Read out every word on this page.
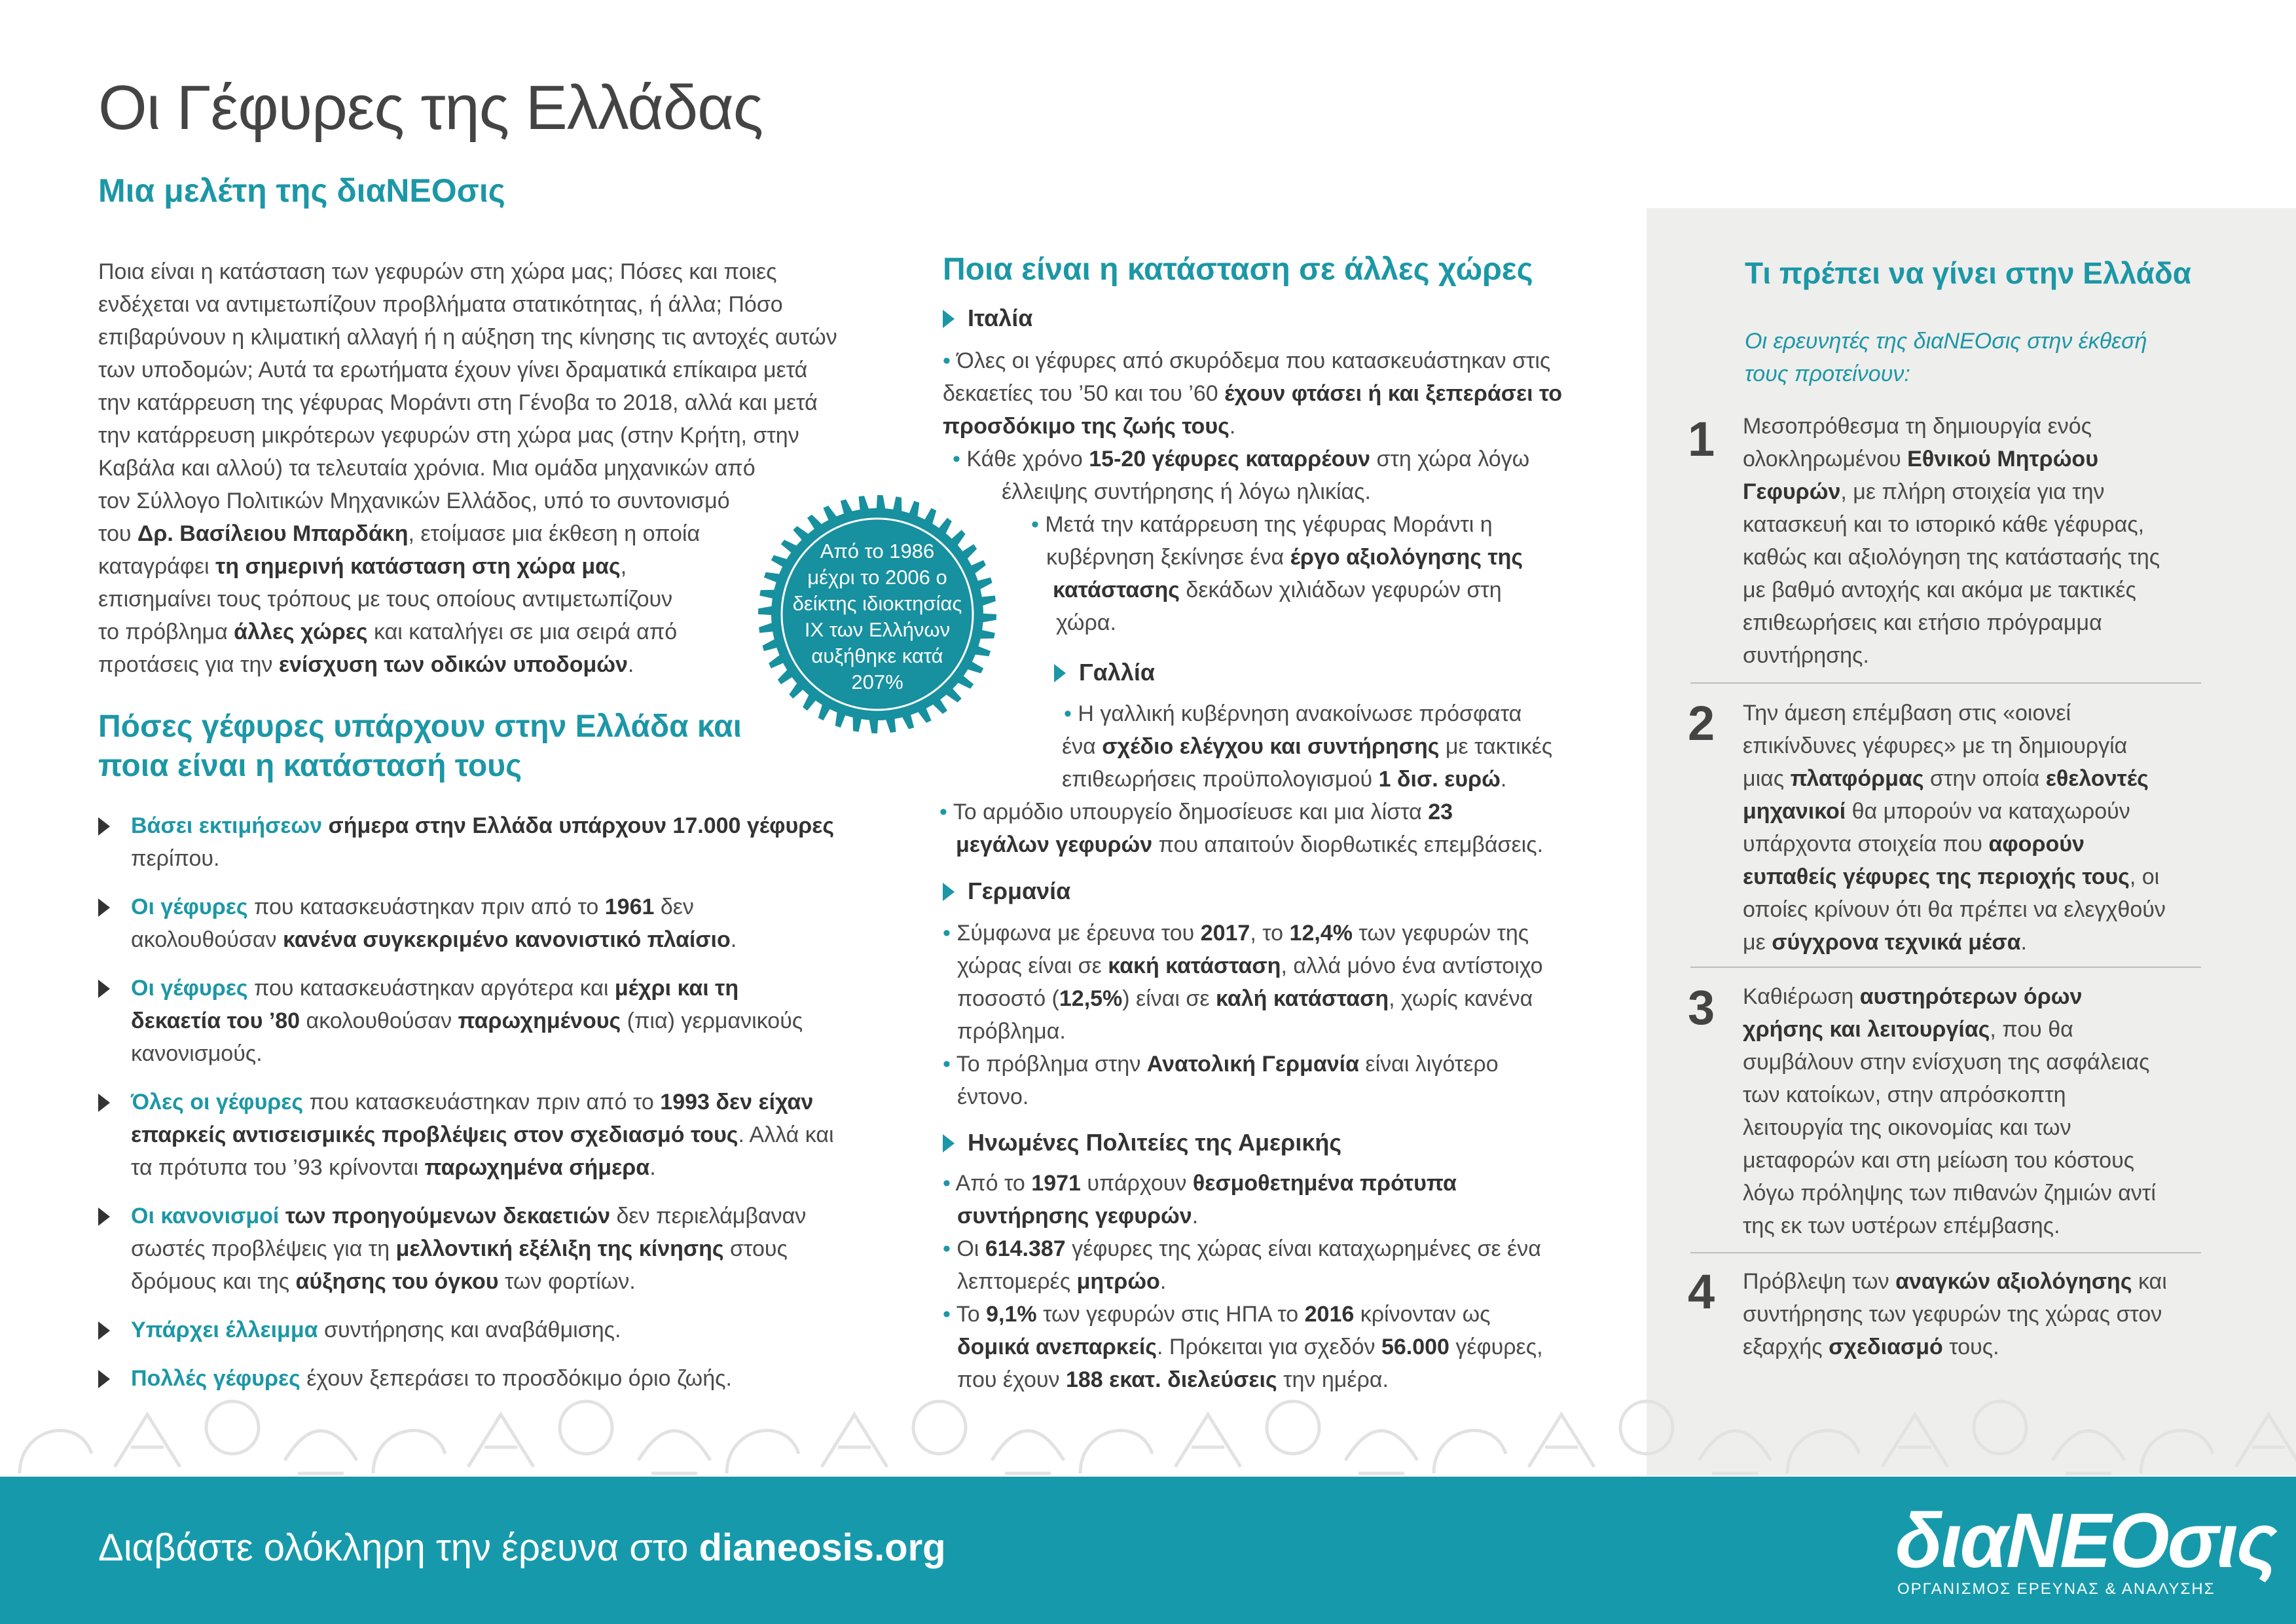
Οι Γέφυρες της Ελλάδας
Μια μελέτη της διαΝΕΟσις

Ποια είναι η κατάσταση των γεφυρών στη χώρα μας; Πόσες και ποιες

ενδέχεται να αντιμετωπίζουν προβλήματα στατικότητας, ή άλλα; Πόσο

επιβαρύνουν η κλιματική αλλαγή ή η αύξηση της κίνησης τις αντοχές αυτών

των υποδομών; Αυτά τα ερωτήματα έχουν γίνει δραματικά επίκαιρα μετά

την κατάρρευση της γέφυρας Μοράντι στη Γένοβα το 2018, αλλά και μετά

την κατάρρευση μικρότερων γεφυρών στη χώρα μας (στην Κρήτη, στην

Καβάλα και αλλού) τα τελευταία χρόνια. Μια ομάδα μηχανικών από

τον Σύλλογο Πολιτικών Μηχανικών Ελλάδος, υπό το συντονισμό

του Δρ. Βασίλειου Μπαρδάκη, ετοίμασε μια έκθεση η οποία

καταγράφει τη σημερινή κατάσταση στη χώρα μας,

επισημαίνει τους τρόπους με τους οποίους αντιμετωπίζουν

το πρόβλημα άλλες χώρες και καταλήγει σε μια σειρά από

προτάσεις για την ενίσχυση των οδικών υποδομών.

Πόσες γέφυρες υπάρχουν στην Ελλάδα και
ποια είναι η κατάστασή τους
Βάσει εκτιμήσεων σήμερα στην Ελλάδα υπάρχουν 17.000 γέφυρες
περίπου.
Οι γέφυρες που κατασκευάστηκαν πριν από το 1961 δεν
ακολουθούσαν κανένα συγκεκριμένο κανονιστικό πλαίσιο.
Οι γέφυρες που κατασκευάστηκαν αργότερα και μέχρι και τη
δεκαετία του ’80 ακολουθούσαν παρωχημένους (πια) γερμανικούς
κανονισμούς.
Όλες οι γέφυρες που κατασκευάστηκαν πριν από το 1993 δεν είχαν
επαρκείς αντισεισμικές προβλέψεις στον σχεδιασμό τους. Αλλά και
τα πρότυπα του ’93 κρίνονται παρωχημένα σήμερα.
Οι κανονισμοί των προηγούμενων δεκαετιών δεν περιελάμβαναν
σωστές προβλέψεις για τη μελλοντική εξέλιξη της κίνησης στους
δρόμους και της αύξησης του όγκου των φορτίων.
Υπάρχει έλλειμμα συντήρησης και αναβάθμισης.
Πολλές γέφυρες έχουν ξεπεράσει το προσδόκιμο όριο ζωής.
Από το 1986
μέχρι το 2006 ο
δείκτης ιδιοκτησίας
ΙΧ των Ελλήνων
αυξήθηκε κατά
207%
Ποια είναι η κατάσταση σε άλλες χώρες
Ιταλία

• Όλες οι γέφυρες από σκυρόδεμα που κατασκευάστηκαν στις

δεκαετίες του ’50 και του ’60 έχουν φτάσει ή και ξεπεράσει το

προσδόκιμο της ζωής τους.

• Κάθε χρόνο 15-20 γέφυρες καταρρέουν στη χώρα λόγω

έλλειψης συντήρησης ή λόγω ηλικίας.

• Μετά την κατάρρευση της γέφυρας Μοράντι η

κυβέρνηση ξεκίνησε ένα έργο αξιολόγησης της

κατάστασης δεκάδων χιλιάδων γεφυρών στη

χώρα.

Γαλλία

• Η γαλλική κυβέρνηση ανακοίνωσε πρόσφατα

ένα σχέδιο ελέγχου και συντήρησης με τακτικές

επιθεωρήσεις προϋπολογισμού 1 δισ. ευρώ.

• Το αρμόδιο υπουργείο δημοσίευσε και μια λίστα 23

μεγάλων γεφυρών που απαιτούν διορθωτικές επεμβάσεις.

Γερμανία

• Σύμφωνα με έρευνα του 2017, το 12,4% των γεφυρών της

χώρας είναι σε κακή κατάσταση, αλλά μόνο ένα αντίστοιχο

ποσοστό (12,5%) είναι σε καλή κατάσταση, χωρίς κανένα

πρόβλημα.

• Το πρόβλημα στην Ανατολική Γερμανία είναι λιγότερο

έντονο.

Ηνωμένες Πολιτείες της Αμερικής

• Από το 1971 υπάρχουν θεσμοθετημένα πρότυπα

συντήρησης γεφυρών.

• Οι 614.387 γέφυρες της χώρας είναι καταχωρημένες σε ένα

λεπτομερές μητρώο.

• Το 9,1% των γεφυρών στις ΗΠΑ το 2016 κρίνονταν ως

δομικά ανεπαρκείς. Πρόκειται για σχεδόν 56.000 γέφυρες,

που έχουν 188 εκατ. διελεύσεις την ημέρα.

Τι πρέπει να γίνει στην Ελλάδα

Οι ερευνητές της διαΝΕΟσις στην έκθεσή
τους προτείνουν:

1 Μεσοπρόθεσμα τη δημιουργία ενός
ολοκληρωμένου Εθνικού Μητρώου
Γεφυρών, με πλήρη στοιχεία για την
κατασκευή και το ιστορικό κάθε γέφυρας,
καθώς και αξιολόγηση της κατάστασής της
με βαθμό αντοχής και ακόμα με τακτικές
επιθεωρήσεις και ετήσιο πρόγραμμα
συντήρησης.

2 Την άμεση επέμβαση στις «οιονεί
επικίνδυνες γέφυρες» με τη δημιουργία
μιας πλατφόρμας στην οποία εθελοντές
μηχανικοί θα μπορούν να καταχωρούν
υπάρχοντα στοιχεία που αφορούν
ευπαθείς γέφυρες της περιοχής τους, οι
οποίες κρίνουν ότι θα πρέπει να ελεγχθούν
με σύγχρονα τεχνικά μέσα.

3 Καθιέρωση αυστηρότερων όρων
χρήσης και λειτουργίας, που θα
συμβάλουν στην ενίσχυση της ασφάλειας
των κατοίκων, στην απρόσκοπτη
λειτουργία της οικονομίας και των
μεταφορών και στη μείωση του κόστους
λόγω πρόληψης των πιθανών ζημιών αντί
της εκ των υστέρων επέμβασης.

4 Πρόβλεψη των αναγκών αξιολόγησης και
συντήρησης των γεφυρών της χώρας στον
εξαρχής σχεδιασμό τους.

Διαβάστε ολόκληρη την έρευνα στο dianeosis.org	διαΝΕΟσις
ΟΡΓΑΝΙΣΜΟΣ ΕΡΕΥΝΑΣ & ΑΝΑΛΥΣΗΣ
